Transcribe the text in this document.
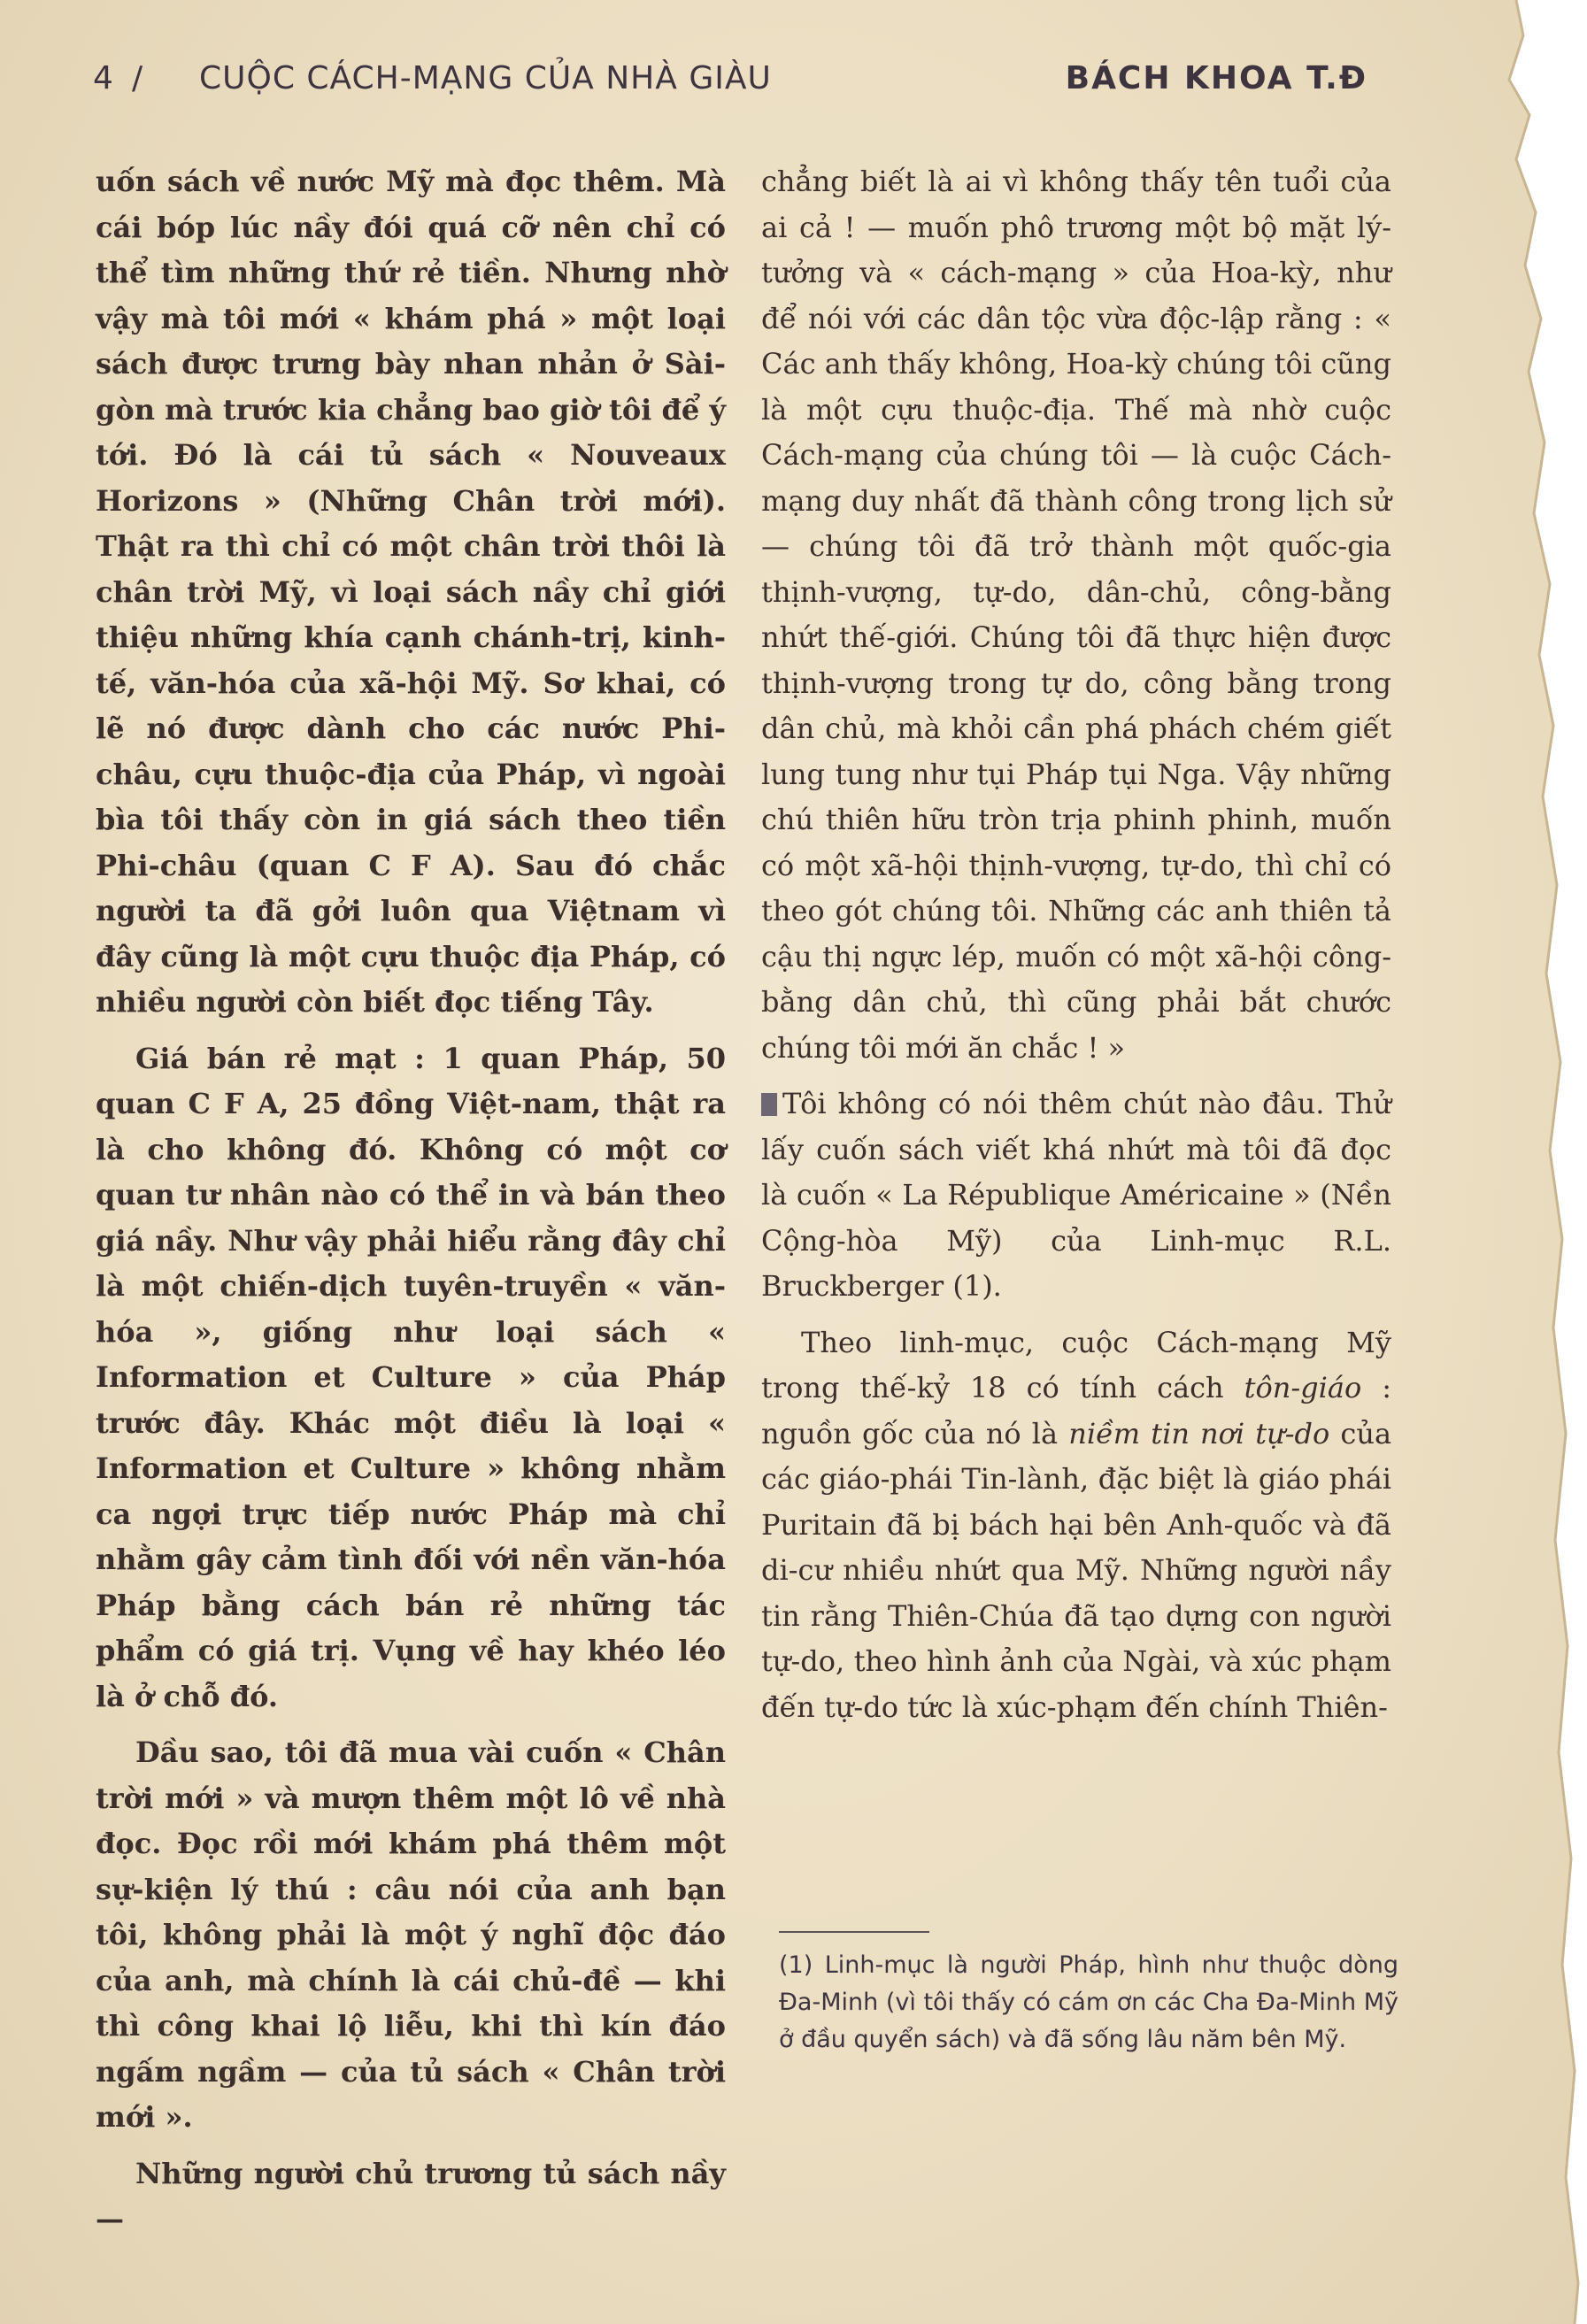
4 / CUỘC CÁCH-MẠNG CỦA NHÀ GIÀU	BÁCH KHOA T.Đ

uốn sách về nước Mỹ mà đọc thêm. Mà cái bóp lúc nầy đói quá cỡ nên chỉ có thể tìm những thứ rẻ tiền. Nhưng nhờ vậy mà tôi mới « khám phá » một loại sách được trưng bày nhan nhản ở Sài-gòn mà trước kia chẳng bao giờ tôi để ý tới. Đó là cái tủ sách « Nouveaux Horizons » (Những Chân trời mới). Thật ra thì chỉ có một chân trời thôi là chân trời Mỹ, vì loại sách nầy chỉ giới thiệu những khía cạnh chánh-trị, kinh-tế, văn-hóa của xã-hội Mỹ. Sơ khai, có lẽ nó được dành cho các nước Phi-châu, cựu thuộc-địa của Pháp, vì ngoài bìa tôi thấy còn in giá sách theo tiền Phi-châu (quan C F A). Sau đó chắc người ta đã gởi luôn qua Việtnam vì đây cũng là một cựu thuộc địa Pháp, có nhiều người còn biết đọc tiếng Tây.

Giá bán rẻ mạt : 1 quan Pháp, 50 quan C F A, 25 đồng Việt-nam, thật ra là cho không đó. Không có một cơ quan tư nhân nào có thể in và bán theo giá nầy. Như vậy phải hiểu rằng đây chỉ là một chiến-dịch tuyên-truyền « văn-hóa », giống như loại sách « Information et Culture » của Pháp trước đây. Khác một điều là loại « Information et Culture » không nhằm ca ngợi trực tiếp nước Pháp mà chỉ nhằm gây cảm tình đối với nền văn-hóa Pháp bằng cách bán rẻ những tác phẩm có giá trị. Vụng về hay khéo léo là ở chỗ đó.

Dầu sao, tôi đã mua vài cuốn « Chân trời mới » và mượn thêm một lô về nhà đọc. Đọc rồi mới khám phá thêm một sự-kiện lý thú : câu nói của anh bạn tôi, không phải là một ý nghĩ độc đáo của anh, mà chính là cái chủ-đề — khi thì công khai lộ liễu, khi thì kín đáo ngấm ngầm — của tủ sách « Chân trời mới ».

Những người chủ trương tủ sách nầy —

chẳng biết là ai vì không thấy tên tuổi của ai cả ! — muốn phô trương một bộ mặt lý-tưởng và « cách-mạng » của Hoa-kỳ, như để nói với các dân tộc vừa độc-lập rằng : « Các anh thấy không, Hoa-kỳ chúng tôi cũng là một cựu thuộc-địa. Thế mà nhờ cuộc Cách-mạng của chúng tôi — là cuộc Cách-mạng duy nhất đã thành công trong lịch sử — chúng tôi đã trở thành một quốc-gia thịnh-vượng, tự-do, dân-chủ, công-bằng nhứt thế-giới. Chúng tôi đã thực hiện được thịnh-vượng trong tự do, công bằng trong dân chủ, mà khỏi cần phá phách chém giết lung tung như tụi Pháp tụi Nga. Vậy những chú thiên hữu tròn trịa phinh phinh, muốn có một xã-hội thịnh-vượng, tự-do, thì chỉ có theo gót chúng tôi. Những các anh thiên tả cậu thị ngực lép, muốn có một xã-hội công-bằng dân chủ, thì cũng phải bắt chước chúng tôi mới ăn chắc ! »

Tôi không có nói thêm chút nào đâu. Thử lấy cuốn sách viết khá nhứt mà tôi đã đọc là cuốn « La République Américaine » (Nền Cộng-hòa Mỹ) của Linh-mục R.L. Bruckberger (1).

Theo linh-mục, cuộc Cách-mạng Mỹ trong thế-kỷ 18 có tính cách tôn-giáo : nguồn gốc của nó là niềm tin nơi tự-do của các giáo-phái Tin-lành, đặc biệt là giáo phái Puritain đã bị bách hại bên Anh-quốc và đã di-cư nhiều nhứt qua Mỹ. Những người nầy tin rằng Thiên-Chúa đã tạo dựng con người tự-do, theo hình ảnh của Ngài, và xúc phạm đến tự-do tức là xúc-phạm đến chính Thiên-

(1) Linh-mục là người Pháp, hình như thuộc dòng Đa-Minh (vì tôi thấy có cám ơn các Cha Đa-Minh Mỹ ở đầu quyển sách) và đã sống lâu năm bên Mỹ.
